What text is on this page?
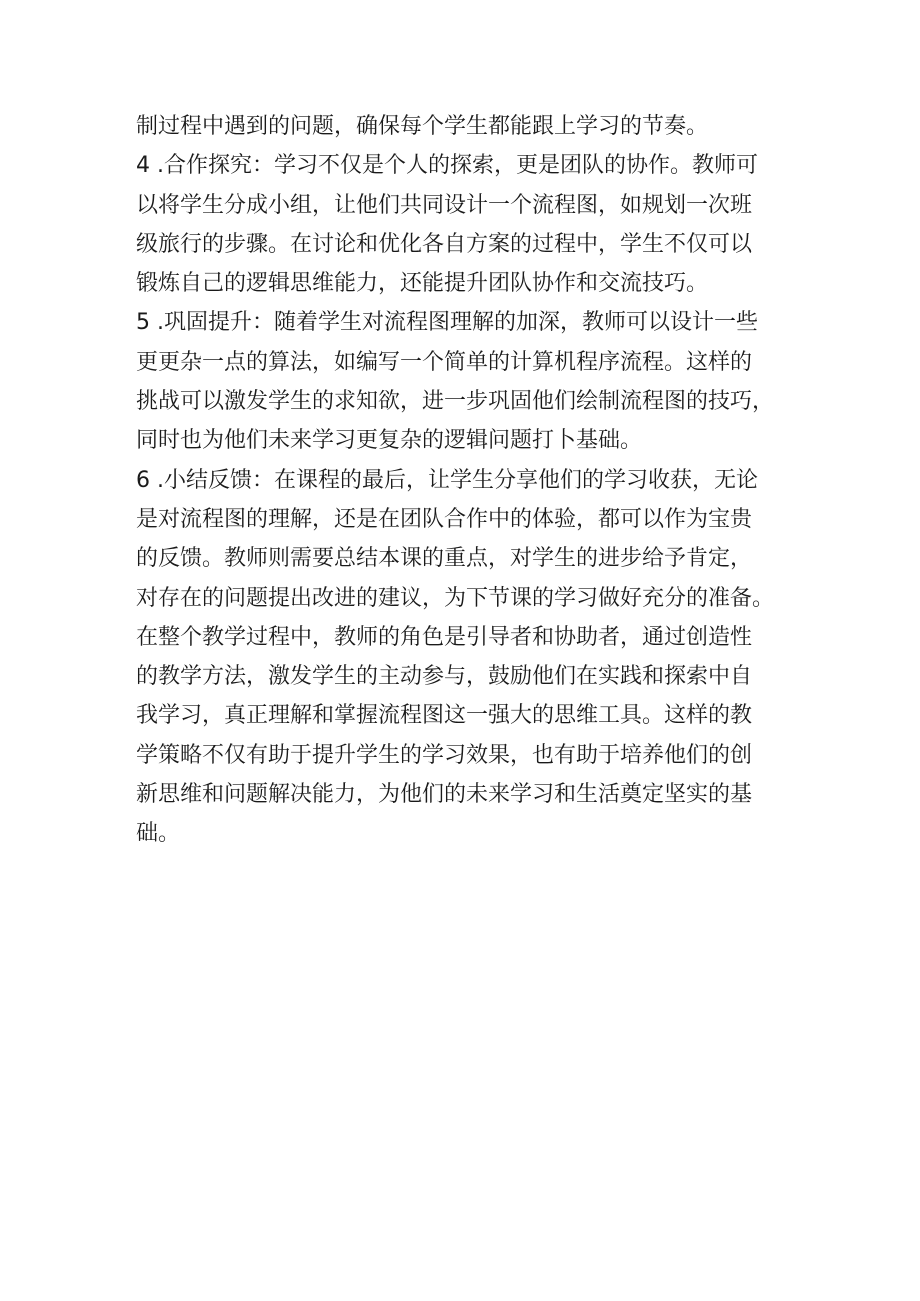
制过程中遇到的问题，确保每个学生都能跟上学习的节奏。
4 .合作探究：学习不仅是个人的探索，更是团队的协作。教师可
以将学生分成小组，让他们共同设计一个流程图，如规划一次班
级旅行的步骤。在讨论和优化各自方案的过程中，学生不仅可以
锻炼自己的逻辑思维能力，还能提升团队协作和交流技巧。
5 .巩固提升：随着学生对流程图理解的加深，教师可以设计一些
更更杂一点的算法，如编写一个简单的计算机程序流程。这样的
挑战可以激发学生的求知欲，进一步巩固他们绘制流程图的技巧，
同时也为他们未来学习更复杂的逻辑问题打卜基础。
6 .小结反馈：在课程的最后，让学生分享他们的学习收获，无论
是对流程图的理解，还是在团队合作中的体验，都可以作为宝贵
的反馈。教师则需要总结本课的重点，对学生的进步给予肯定，
对存在的问题提出改进的建议，为下节课的学习做好充分的准备。
在整个教学过程中，教师的角色是引导者和协助者，通过创造性
的教学方法，激发学生的主动参与，鼓励他们在实践和探索中自
我学习，真正理解和掌握流程图这一强大的思维工具。这样的教
学策略不仅有助于提升学生的学习效果，也有助于培养他们的创
新思维和问题解决能力，为他们的未来学习和生活奠定坚实的基
础。
